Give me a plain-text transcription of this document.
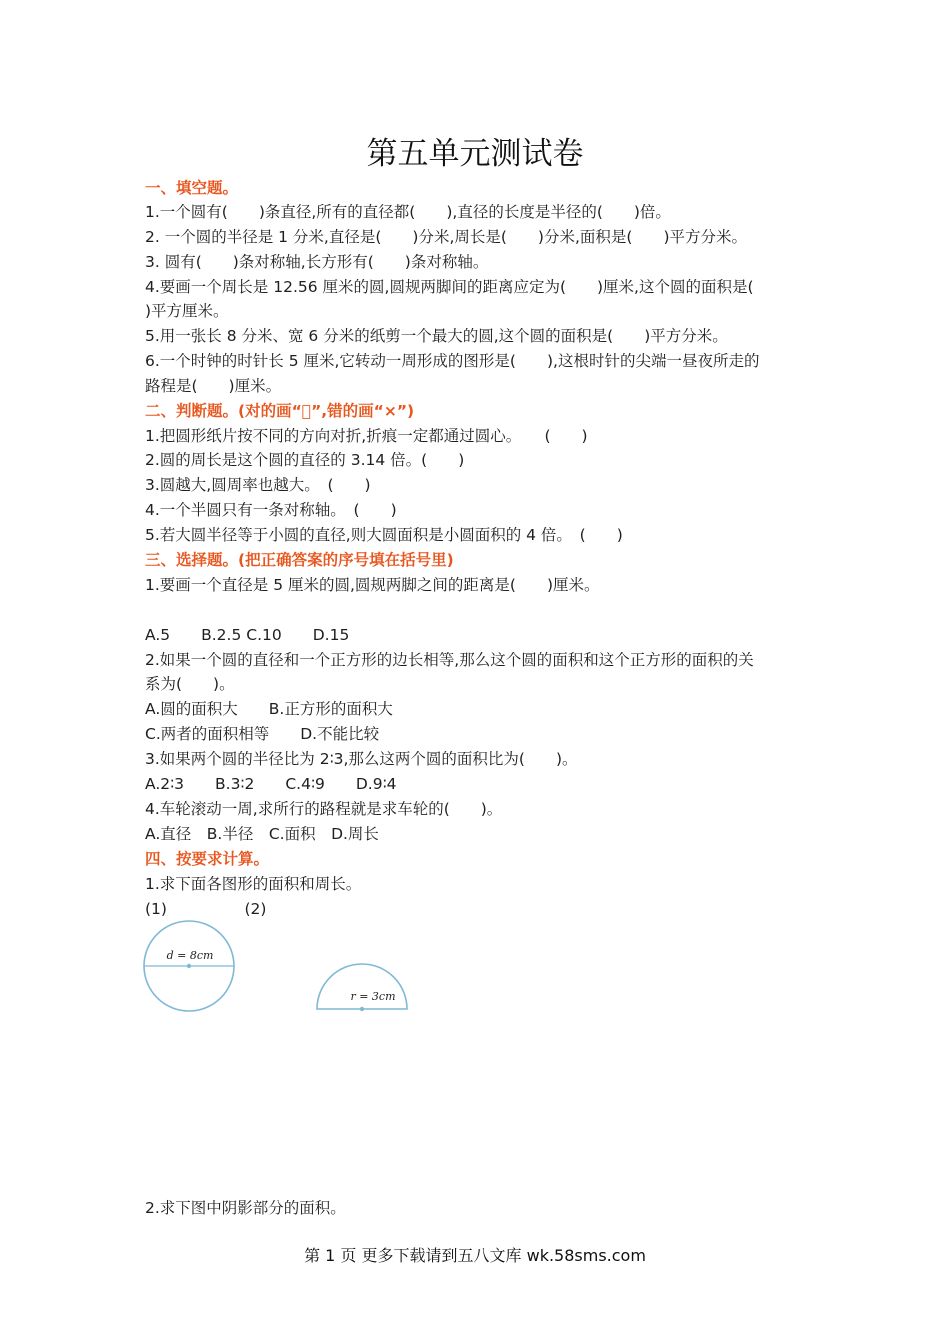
第五单元测试卷
一、填空题。
1.一个圆有(　　)条直径,所有的直径都(　　),直径的长度是半径的(　　)倍。
2. 一个圆的半径是 1 分米,直径是(　　)分米,周长是(　　)分米,面积是(　　)平方分米。
3. 圆有(　　)条对称轴,长方形有(　　)条对称轴。
4.要画一个周长是 12.56 厘米的圆,圆规两脚间的距离应定为(　　)厘米,这个圆的面积是(
)平方厘米。
5.用一张长 8 分米、宽 6 分米的纸剪一个最大的圆,这个圆的面积是(　　)平方分米。
6.一个时钟的时针长 5 厘米,它转动一周形成的图形是(　　),这根时针的尖端一昼夜所走的
路程是(　　)厘米。
二、判断题。(对的画“􀳫”,错的画“×”)
1.把圆形纸片按不同的方向对折,折痕一定都通过圆心。　　(　　)
2.圆的周长是这个圆的直径的 3.14 倍。(　　)
3.圆越大,圆周率也越大。　(　　)
4.一个半圆只有一条对称轴。　(　　)
5.若大圆半径等于小圆的直径,则大圆面积是小圆面积的 4 倍。　(　　)
三、选择题。(把正确答案的序号填在括号里)
1.要画一个直径是 5 厘米的圆,圆规两脚之间的距离是(　　)厘米。
A.5　　B.2.5 C.10　　D.15
2.如果一个圆的直径和一个正方形的边长相等,那么这个圆的面积和这个正方形的面积的关
系为(　　)。
A.圆的面积大　　B.正方形的面积大
C.两者的面积相等　　D.不能比较
3.如果两个圆的半径比为 2∶3,那么这两个圆的面积比为(　　)。
A.2∶3　　B.3∶2　　C.4∶9　　D.9∶4
4.车轮滚动一周,求所行的路程就是求车轮的(　　)。
A.直径　B.半径　C.面积　D.周长
四、按要求计算。
1.求下面各图形的面积和周长。
(1)　　　　　(2)
d = 8cm
r = 3cm
2.求下图中阴影部分的面积。
第 1 页 更多下载请到五八文库 wk.58sms.com
